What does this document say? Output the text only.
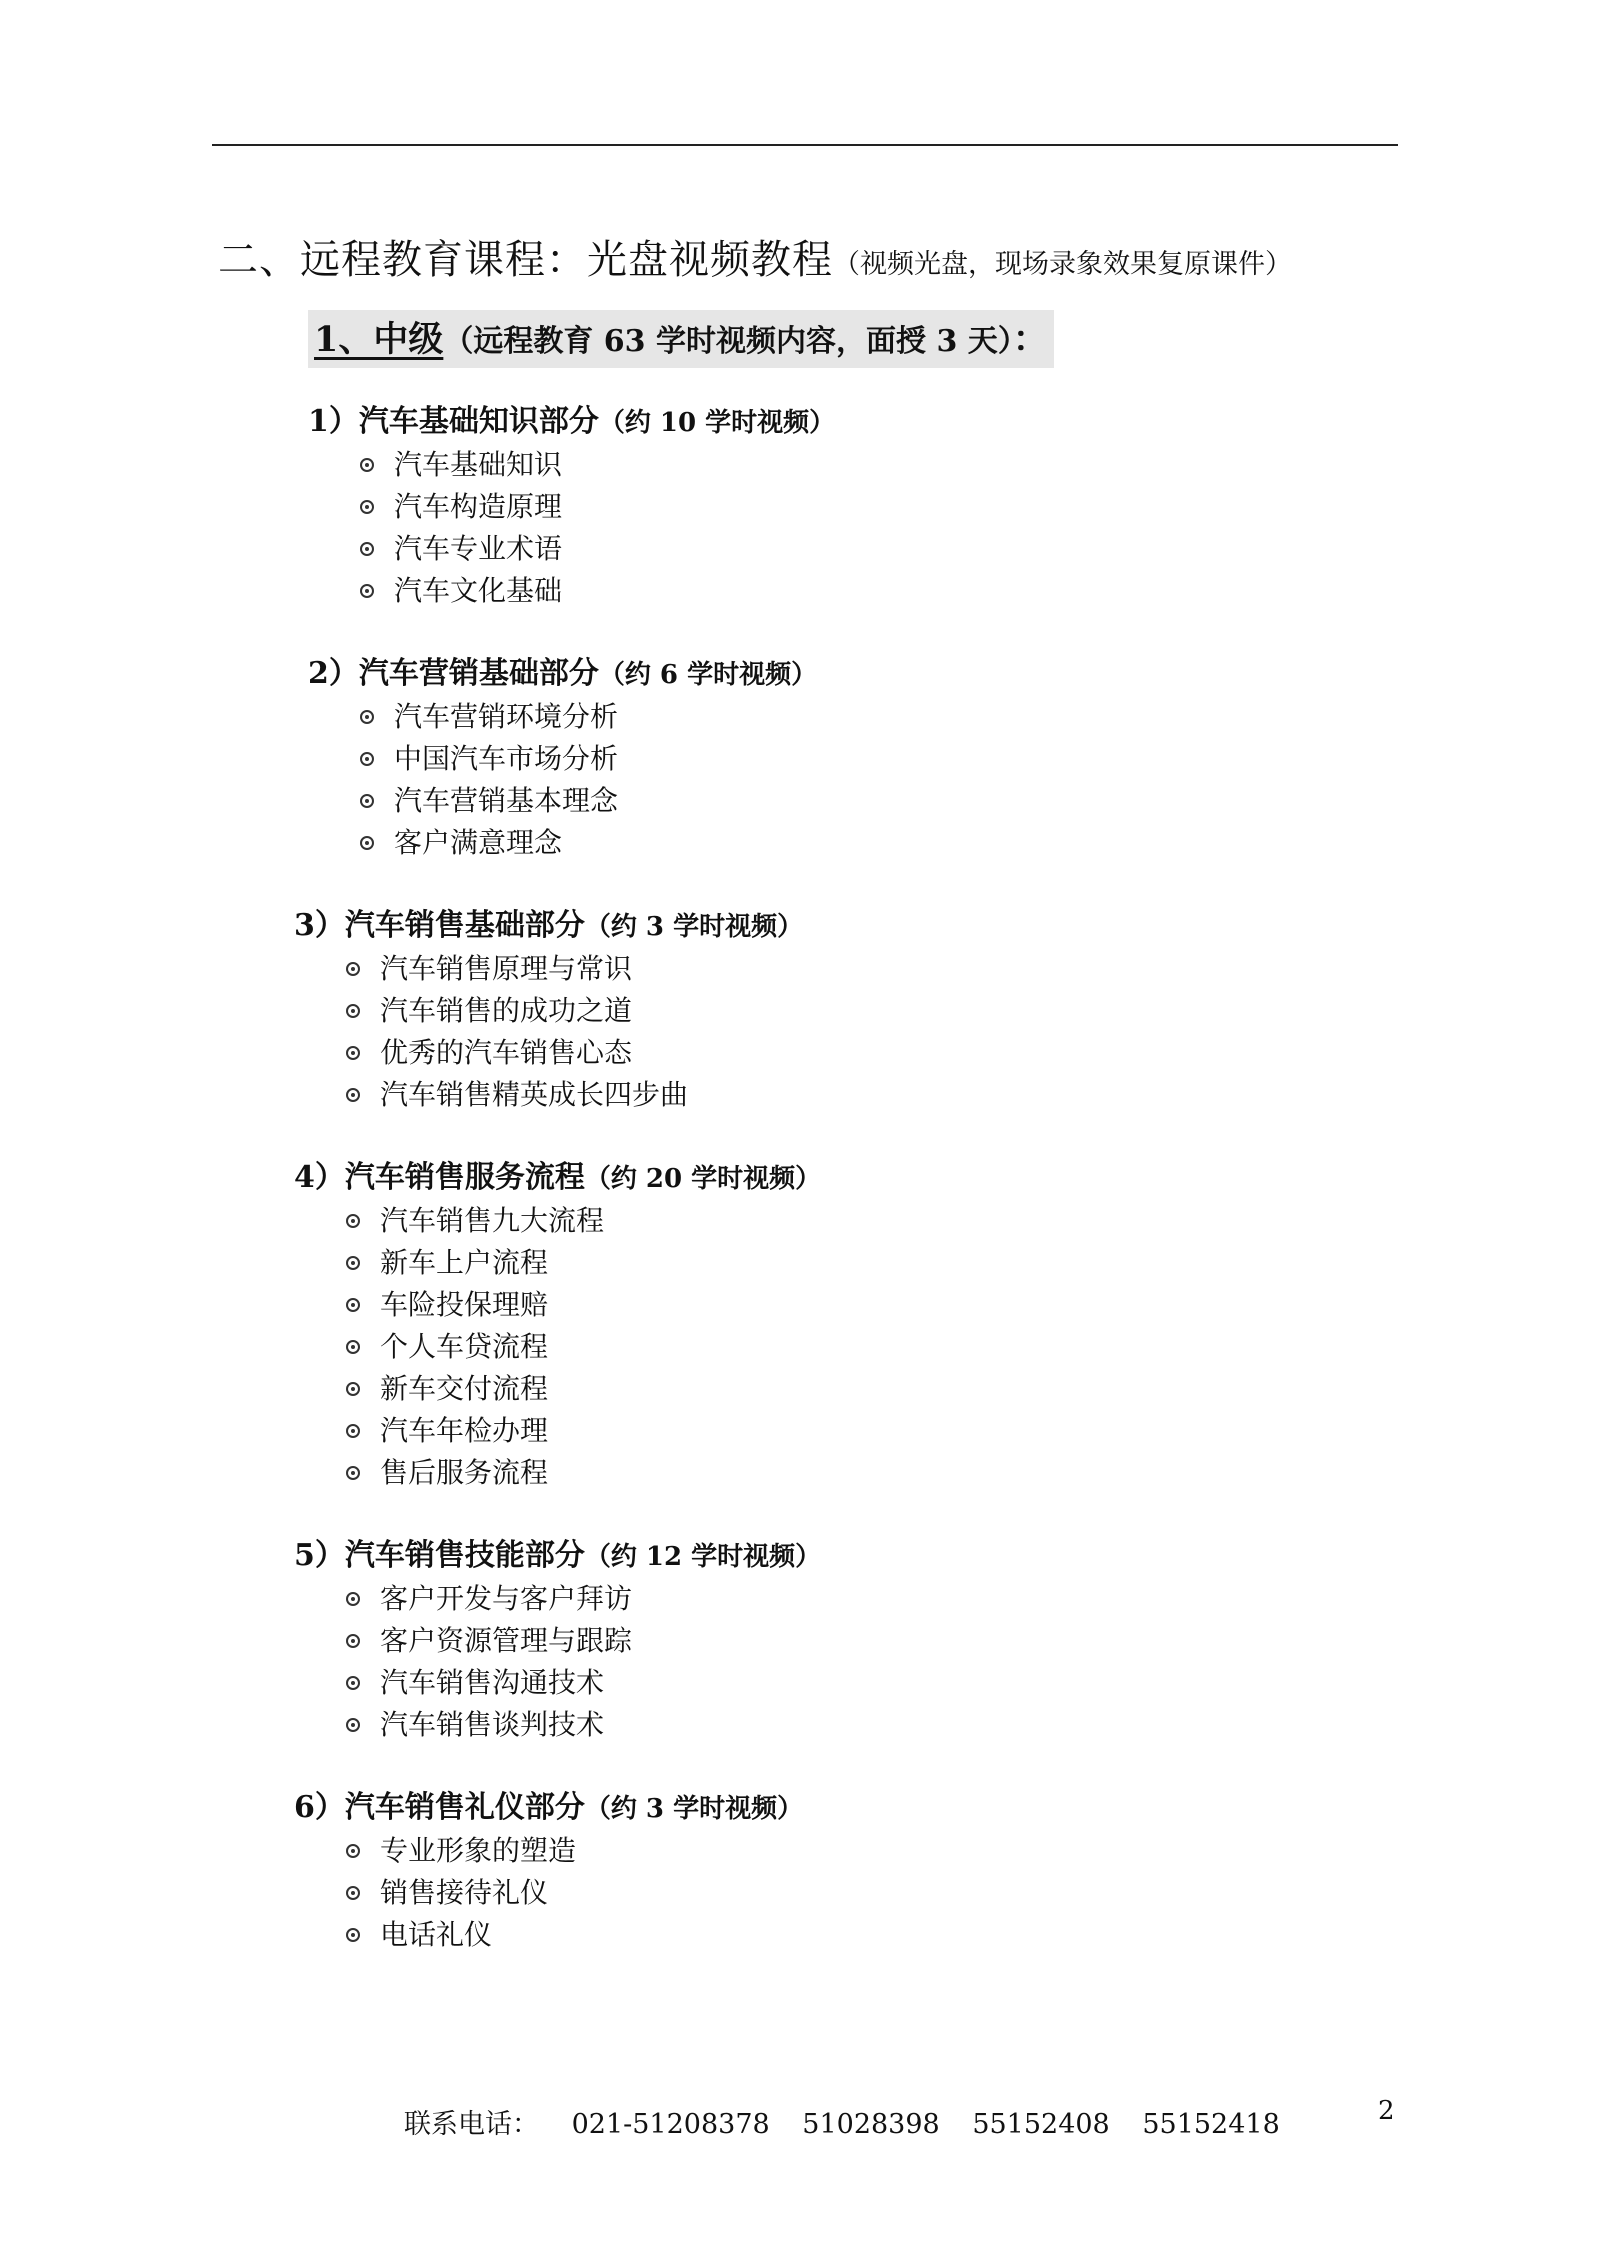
二、远程教育课程：光盘视频教程（视频光盘，现场录象效果复原课件）
1、中级（远程教育 63 学时视频内容，面授 3 天）：
1）汽车基础知识部分（约 10 学时视频）
汽车基础知识
汽车构造原理
汽车专业术语
汽车文化基础
2）汽车营销基础部分（约 6 学时视频）
汽车营销环境分析
中国汽车市场分析
汽车营销基本理念
客户满意理念
3）汽车销售基础部分（约 3 学时视频）
汽车销售原理与常识
汽车销售的成功之道
优秀的汽车销售心态
汽车销售精英成长四步曲
4）汽车销售服务流程（约 20 学时视频）
汽车销售九大流程
新车上户流程
车险投保理赔
个人车贷流程
新车交付流程
汽车年检办理
售后服务流程
5）汽车销售技能部分（约 12 学时视频）
客户开发与客户拜访
客户资源管理与跟踪
汽车销售沟通技术
汽车销售谈判技术
6）汽车销售礼仪部分（约 3 学时视频）
专业形象的塑造
销售接待礼仪
电话礼仪
联系电话： 021-51208378 51028398 55152408 55152418	2
